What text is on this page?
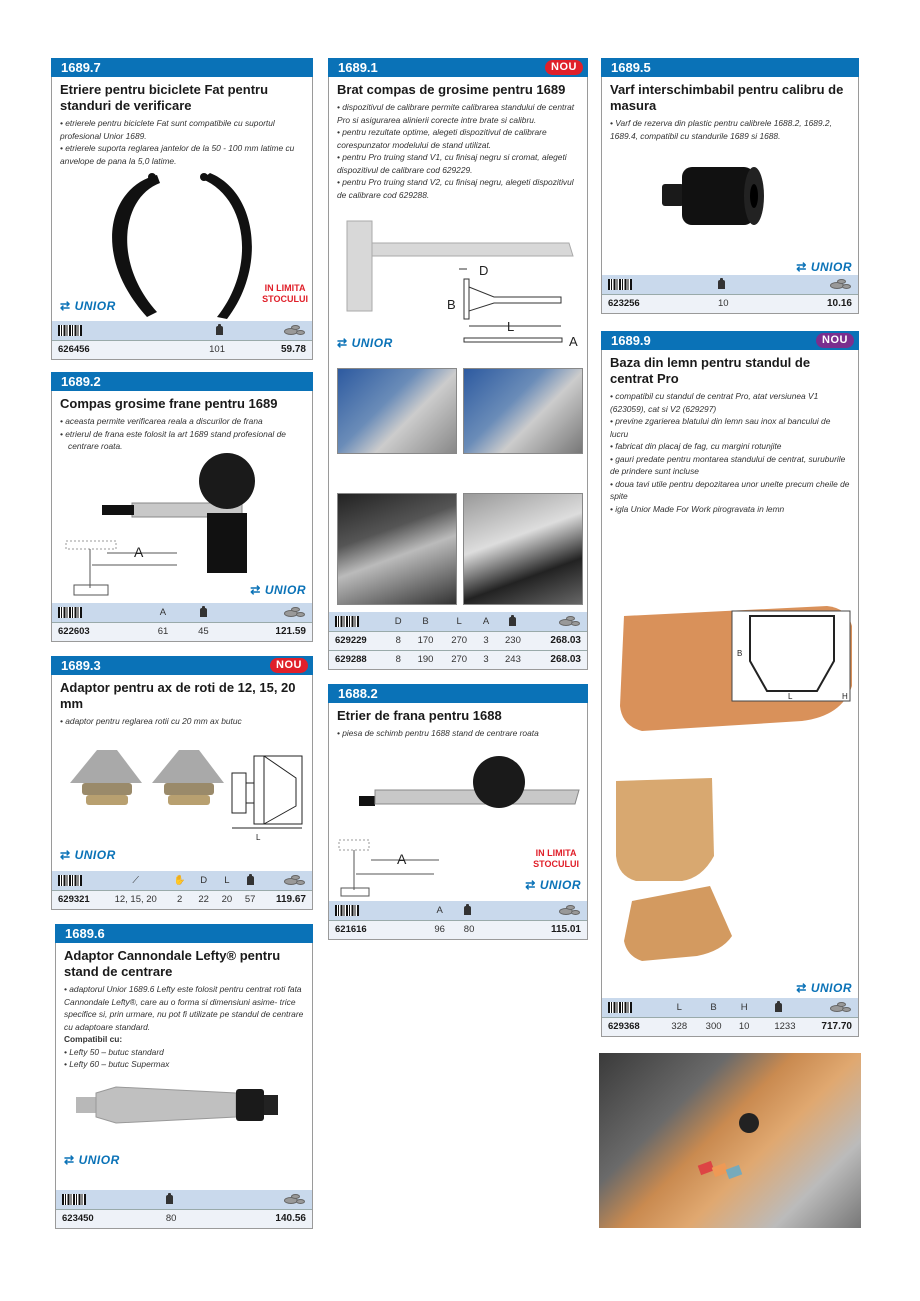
1689.7
Etriere pentru biciclete Fat pentru standuri de verificare

• etrierele pentru biciclete Fat sunt compatibile cu suportul profesional Unior 1689.

• etrierele suporta reglarea jantelor de la 50 - 100 mm latime cu anvelope de pana la 5,0 latime.

IN LIMITA
STOCULUI
⇄ UNIOR

626456		101	59.78
1689.2
Compas grosime frane pentru 1689

• aceasta permite verificarea reala a discurilor de frana

• etrierul de frana este folosit la art 1689 stand profesional de centrare roata.

A
⇄ UNIOR
	A		

622603	61	45	121.59
1689.3	NOU
Adaptor pentru ax de roti de 12, 15, 20 mm

• adaptor pentru reglarea rotii cu 20 mm ax butuc

L
⇄ UNIOR
	⟋	✋	D	L		

629321	12, 15, 20	2	22	20	57	119.67
1689.6
Adaptor Cannondale Lefty® pentru stand de centrare

• adaptorul Unior 1689.6 Lefty este folosit pentru centrat roti fata Cannondale Lefty®, care au o forma si dimensiuni asime- trice specifice si, prin urmare, nu pot fi utilizate pe standul de centrare cu adaptoare standard.

Compatibil cu:

• Lefty 50 – butuc standard

• Lefty 60 – butuc Supermax

⇄ UNIOR

623450	80	140.56
1689.1	NOU
Brat compas de grosime pentru 1689

• dispozitivul de calibrare permite calibrarea standului de centrat Pro si asigurarea alinierii corecte intre brate si calibru.

• pentru rezultate optime, alegeti dispozitivul de calibrare corespunzator modelului de stand utilizat.

• pentru Pro truing stand V1, cu finisaj negru si cromat, alegeti dispozitivul de calibrare cod 629229.

• pentru Pro truing stand V2, cu finisaj negru, alegeti dispozitivul de calibrare cod 629288.

D
B
L
A
⇄ UNIOR
	D	B	L	A		

629229	8	170	270	3	230	268.03
629288	8	190	270	3	243	268.03
1688.2
Etrier de frana pentru 1688

• piesa de schimb pentru 1688 stand de centrare roata

A	IN LIMITA
STOCULUI
⇄ UNIOR
	A		

621616	96	80	115.01
1689.5
Varf interschimbabil pentru calibru de masura

• Varf de rezerva din plastic pentru calibrele 1688.2, 1689.2, 1689.4, compatibil cu standurile 1689 si 1688.

⇄ UNIOR

623256	10	10.16
1689.9	NOU
Baza din lemn pentru standul de centrat Pro

• compatibil cu standul de centrat Pro, atat versiunea V1 (623059), cat si V2 (629297)

• previne zgarierea blatului din lemn sau inox al bancului de lucru

• fabricat din placaj de fag, cu margini rotunjite

• gauri predate pentru montarea standului de centrat, suruburile de prindere sunt incluse

• doua tavi utile pentru depozitarea unor unelte precum cheile de spite

• igla Unior Made For Work pirogravata in lemn

B
L	H
⇄ UNIOR
	L	B	H		

629368	328	300	10	1233	717.70
